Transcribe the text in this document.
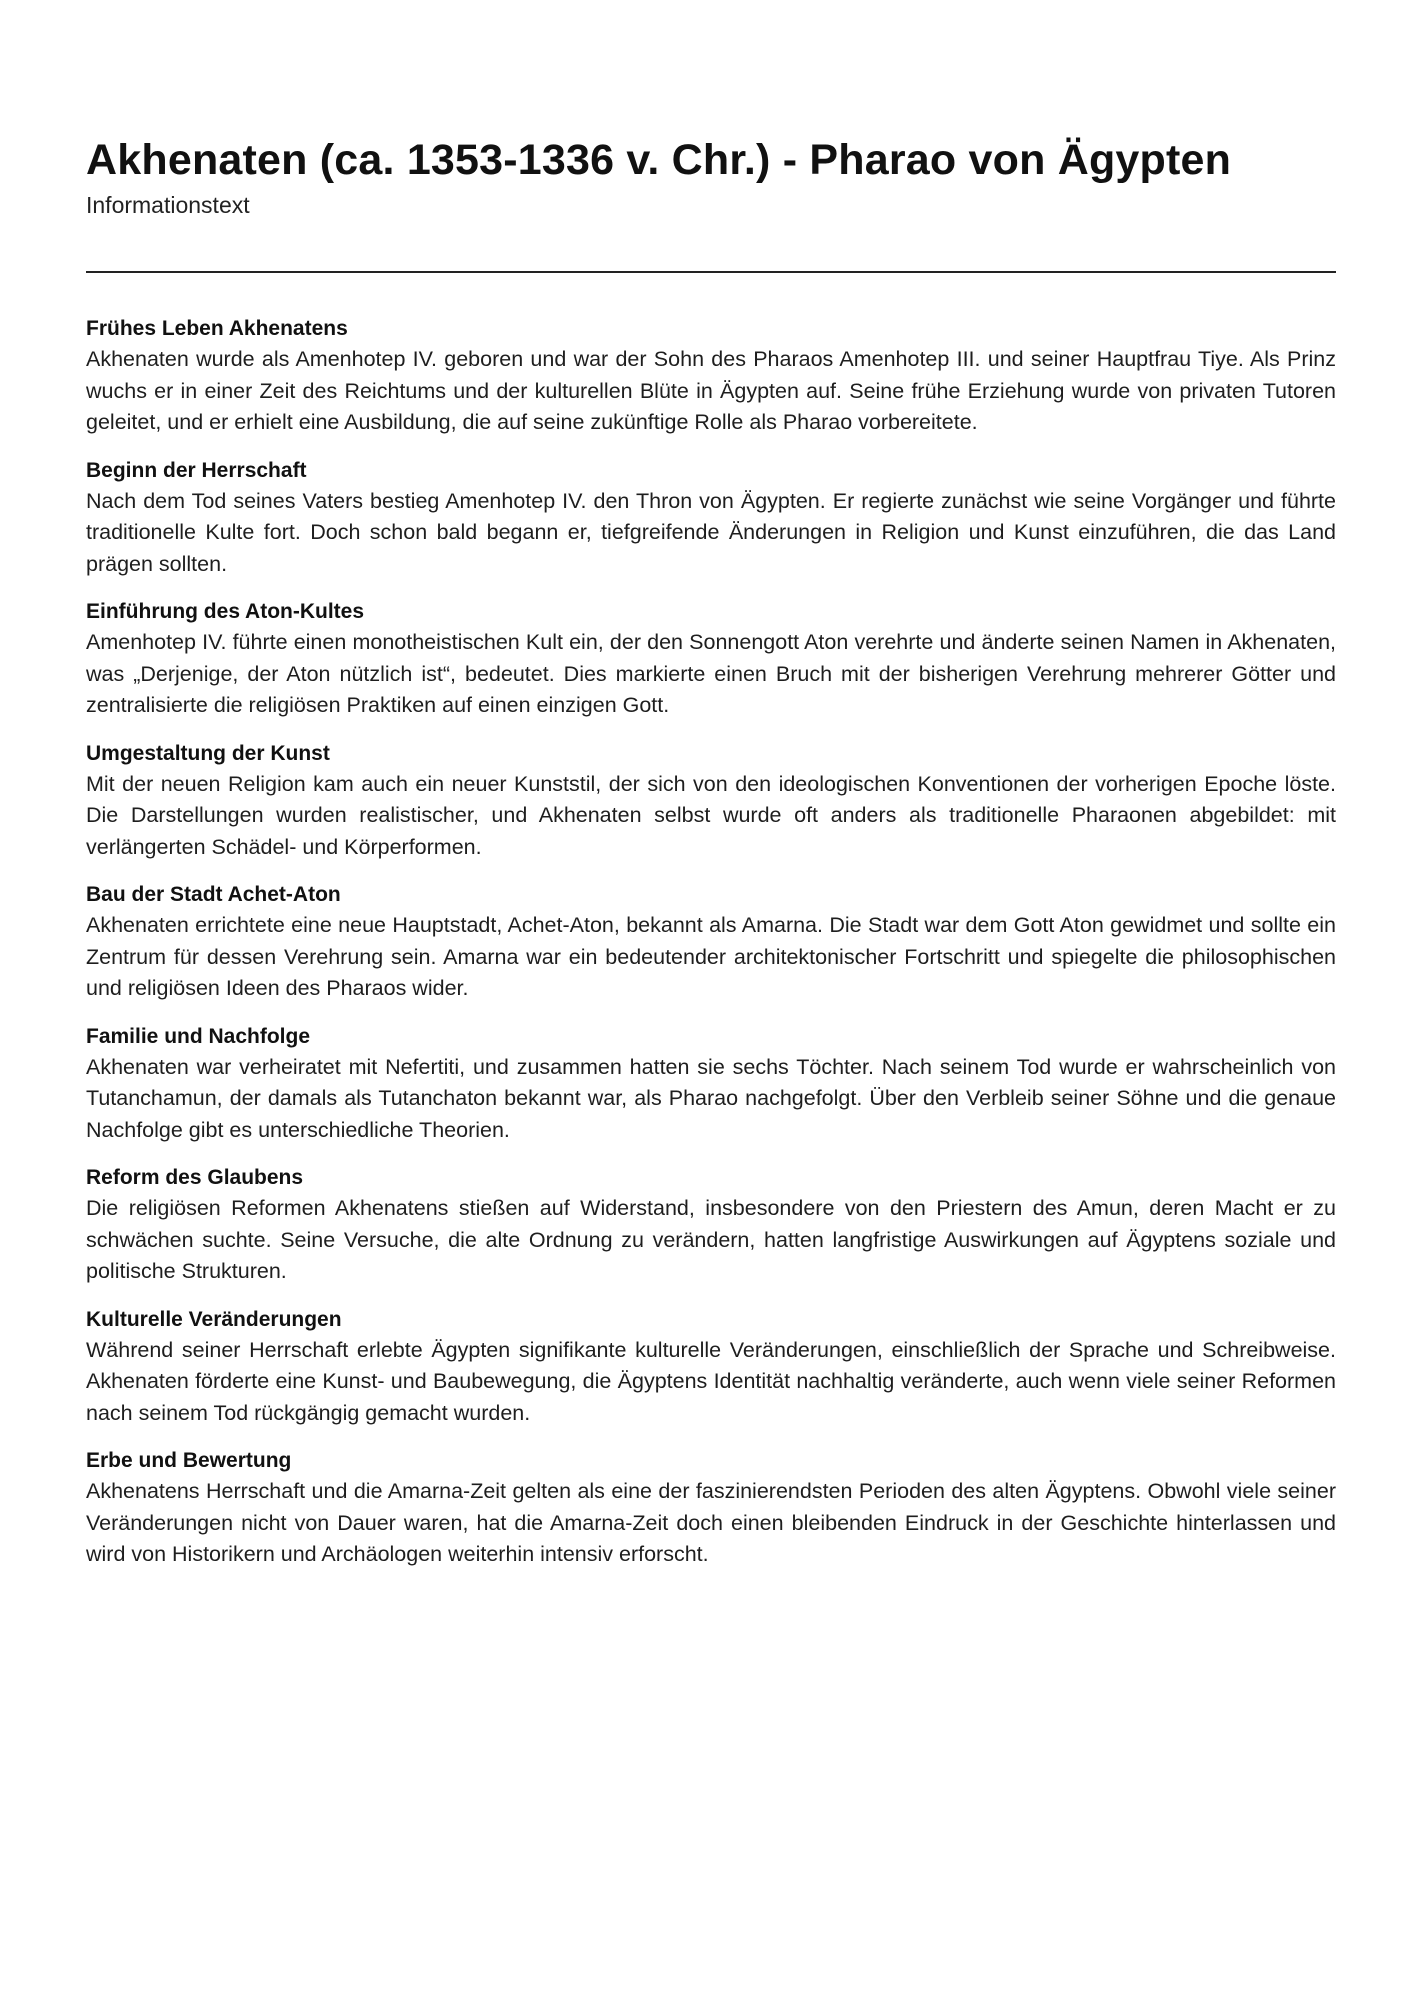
Akhenaten (ca. 1353-1336 v. Chr.) - Pharao von Ägypten

Informationstext

Frühes Leben Akhenatens

Akhenaten wurde als Amenhotep IV. geboren und war der Sohn des Pharaos Amenhotep III. und seiner Hauptfrau Tiye. Als Prinz wuchs er in einer Zeit des Reichtums und der kulturellen Blüte in Ägypten auf. Seine frühe Erziehung wurde von privaten Tutoren geleitet, und er erhielt eine Ausbildung, die auf seine zukünftige Rolle als Pharao vorbereitete.

Beginn der Herrschaft

Nach dem Tod seines Vaters bestieg Amenhotep IV. den Thron von Ägypten. Er regierte zunächst wie seine Vorgänger und führte traditionelle Kulte fort. Doch schon bald begann er, tiefgreifende Änderungen in Religion und Kunst einzuführen, die das Land prägen sollten.

Einführung des Aton-Kultes

Amenhotep IV. führte einen monotheistischen Kult ein, der den Sonnengott Aton verehrte und änderte seinen Namen in Akhenaten, was „Derjenige, der Aton nützlich ist“, bedeutet. Dies markierte einen Bruch mit der bisherigen Verehrung mehrerer Götter und zentralisierte die religiösen Praktiken auf einen einzigen Gott.

Umgestaltung der Kunst

Mit der neuen Religion kam auch ein neuer Kunststil, der sich von den ideologischen Konventionen der vorherigen Epoche löste. Die Darstellungen wurden realistischer, und Akhenaten selbst wurde oft anders als traditionelle Pharaonen abgebildet: mit verlängerten Schädel- und Körperformen.

Bau der Stadt Achet-Aton

Akhenaten errichtete eine neue Hauptstadt, Achet-Aton, bekannt als Amarna. Die Stadt war dem Gott Aton gewidmet und sollte ein Zentrum für dessen Verehrung sein. Amarna war ein bedeutender architektonischer Fortschritt und spiegelte die philosophischen und religiösen Ideen des Pharaos wider.

Familie und Nachfolge

Akhenaten war verheiratet mit Nefertiti, und zusammen hatten sie sechs Töchter. Nach seinem Tod wurde er wahrscheinlich von Tutanchamun, der damals als Tutanchaton bekannt war, als Pharao nachgefolgt. Über den Verbleib seiner Söhne und die genaue Nachfolge gibt es unterschiedliche Theorien.

Reform des Glaubens

Die religiösen Reformen Akhenatens stießen auf Widerstand, insbesondere von den Priestern des Amun, deren Macht er zu schwächen suchte. Seine Versuche, die alte Ordnung zu verändern, hatten langfristige Auswirkungen auf Ägyptens soziale und politische Strukturen.

Kulturelle Veränderungen

Während seiner Herrschaft erlebte Ägypten signifikante kulturelle Veränderungen, einschließlich der Sprache und Schreibweise. Akhenaten förderte eine Kunst- und Baubewegung, die Ägyptens Identität nachhaltig veränderte, auch wenn viele seiner Reformen nach seinem Tod rückgängig gemacht wurden.

Erbe und Bewertung

Akhenatens Herrschaft und die Amarna-Zeit gelten als eine der faszinierendsten Perioden des alten Ägyptens. Obwohl viele seiner Veränderungen nicht von Dauer waren, hat die Amarna-Zeit doch einen bleibenden Eindruck in der Geschichte hinterlassen und wird von Historikern und Archäologen weiterhin intensiv erforscht.
